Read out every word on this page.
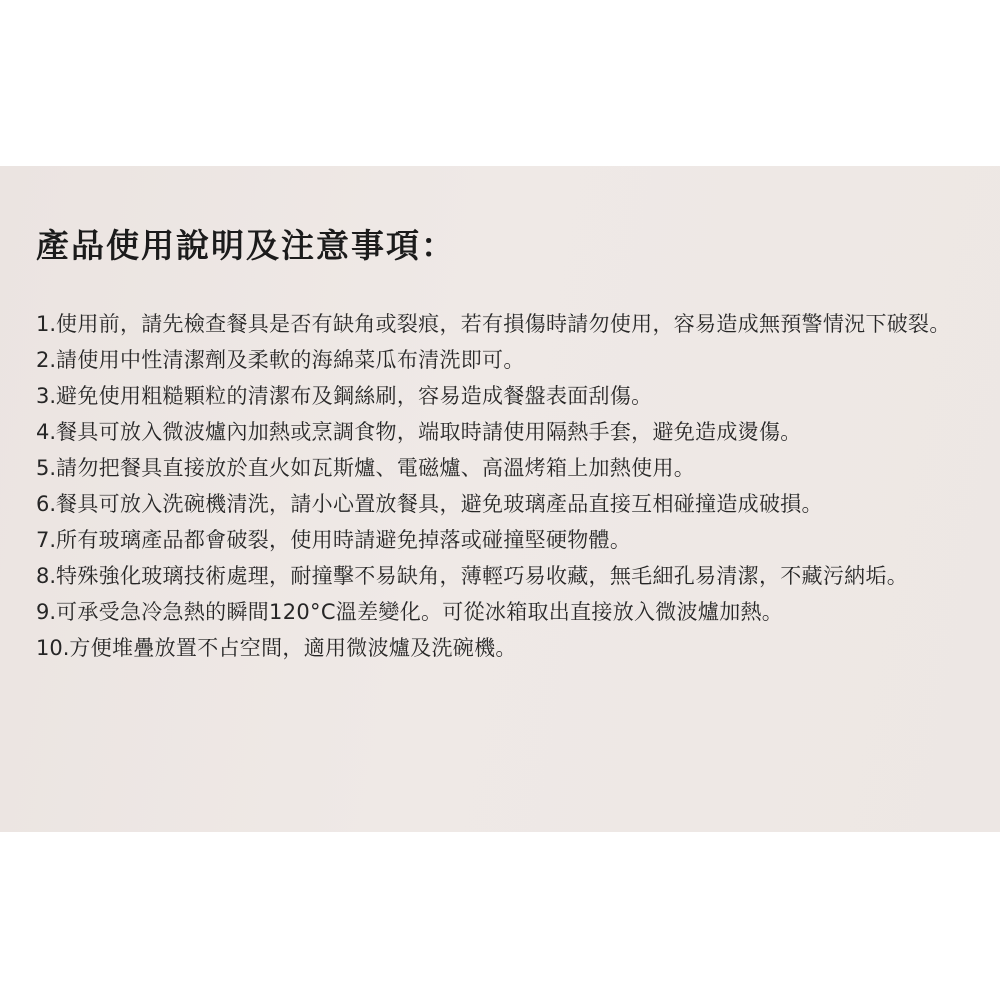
產品使用說明及注意事項：
1. 使用前，請先檢查餐具是否有缺角或裂痕，若有損傷時請勿使用，容易造成無預警情況下破裂。
2. 請使用中性清潔劑及柔軟的海綿菜瓜布清洗即可。
3. 避免使用粗糙顆粒的清潔布及鋼絲刷，容易造成餐盤表面刮傷。
4. 餐具可放入微波爐內加熱或烹調食物，端取時請使用隔熱手套，避免造成燙傷。
5. 請勿把餐具直接放於直火如瓦斯爐、電磁爐、高溫烤箱上加熱使用。
6. 餐具可放入洗碗機清洗，請小心置放餐具，避免玻璃產品直接互相碰撞造成破損。
7. 所有玻璃產品都會破裂，使用時請避免掉落或碰撞堅硬物體。
8. 特殊強化玻璃技術處理，耐撞擊不易缺角，薄輕巧易收藏，無毛細孔易清潔，不藏污納垢。
9. 可承受急冷急熱的瞬間120°C溫差變化。可從冰箱取出直接放入微波爐加熱。
10. 方便堆疊放置不占空間，適用微波爐及洗碗機。
